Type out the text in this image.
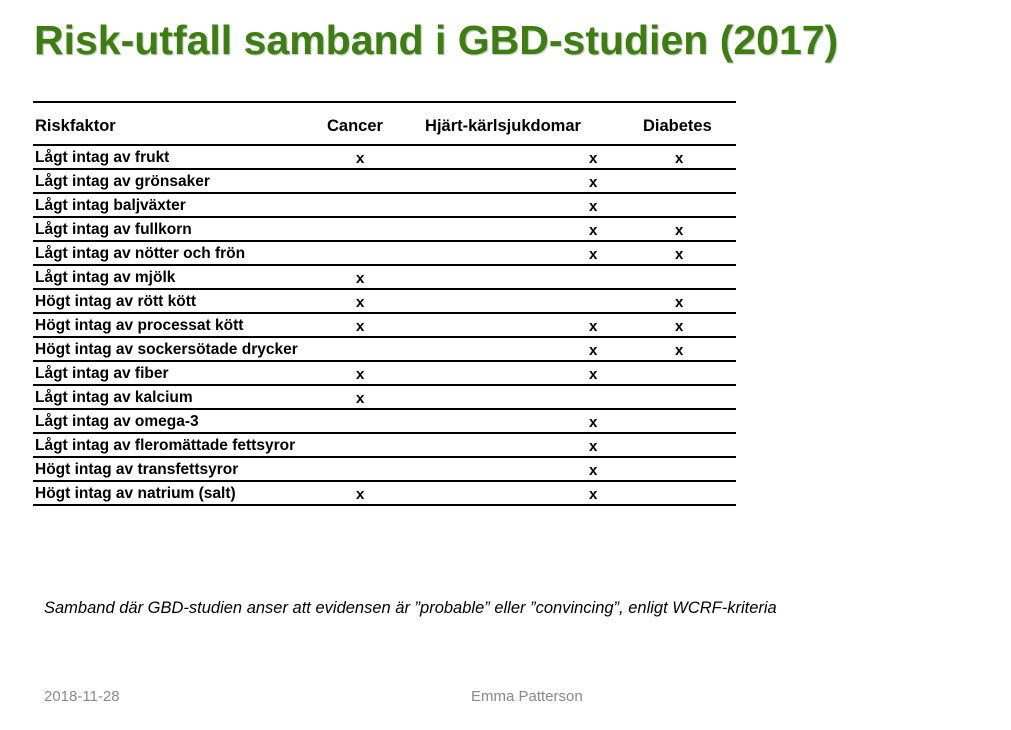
Risk-utfall samband i GBD-studien (2017)
Riskfaktor	Cancer	Hjärt-kärlsjukdomar	Diabetes
Lågt intag av frukt	x	x	x
Lågt intag av grönsaker		x	
Lågt intag baljväxter		x	
Lågt intag av fullkorn		x	x
Lågt intag av nötter och frön		x	x
Lågt intag av mjölk	x		
Högt intag av rött kött	x		x
Högt intag av processat kött	x	x	x
Högt intag av sockersötade drycker		x	x
Lågt intag av fiber	x	x	
Lågt intag av kalcium	x		
Lågt intag av omega-3		x	
Lågt intag av fleromättade fettsyror		x	
Högt intag av transfettsyror		x	
Högt intag av natrium (salt)	x	x	
Samband där GBD-studien anser att evidensen är ”probable” eller ”convincing”, enligt WCRF-kriteria
2018-11-28	Emma Patterson
